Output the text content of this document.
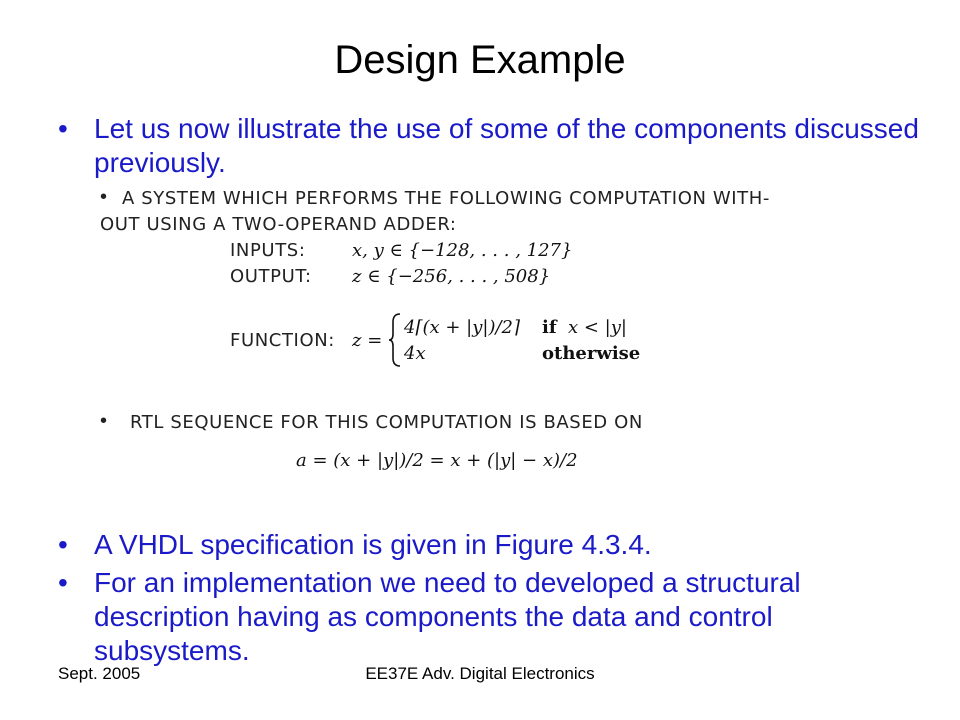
Design Example
• Let us now illustrate the use of some of the components discussed previously.
• A SYSTEM WHICH PERFORMS THE FOLLOWING COMPUTATION WITH-
OUT USING A TWO-OPERAND ADDER:
INPUTS:	x, y ∈ {−128, . . . , 127}
OUTPUT: z ∈ {−256, . . . , 508}
FUNCTION: z =
4⌈(x + |y|)/2⌉ if x < |y|
4x	otherwise
• RTL SEQUENCE FOR THIS COMPUTATION IS BASED ON
a = (x + |y|)/2 = x + (|y| − x)/2
• A VHDL specification is given in Figure 4.3.4.
• For an implementation we need to developed a structural description having as components the data and control subsystems.
Sept. 2005	EE37E Adv. Digital Electronics
